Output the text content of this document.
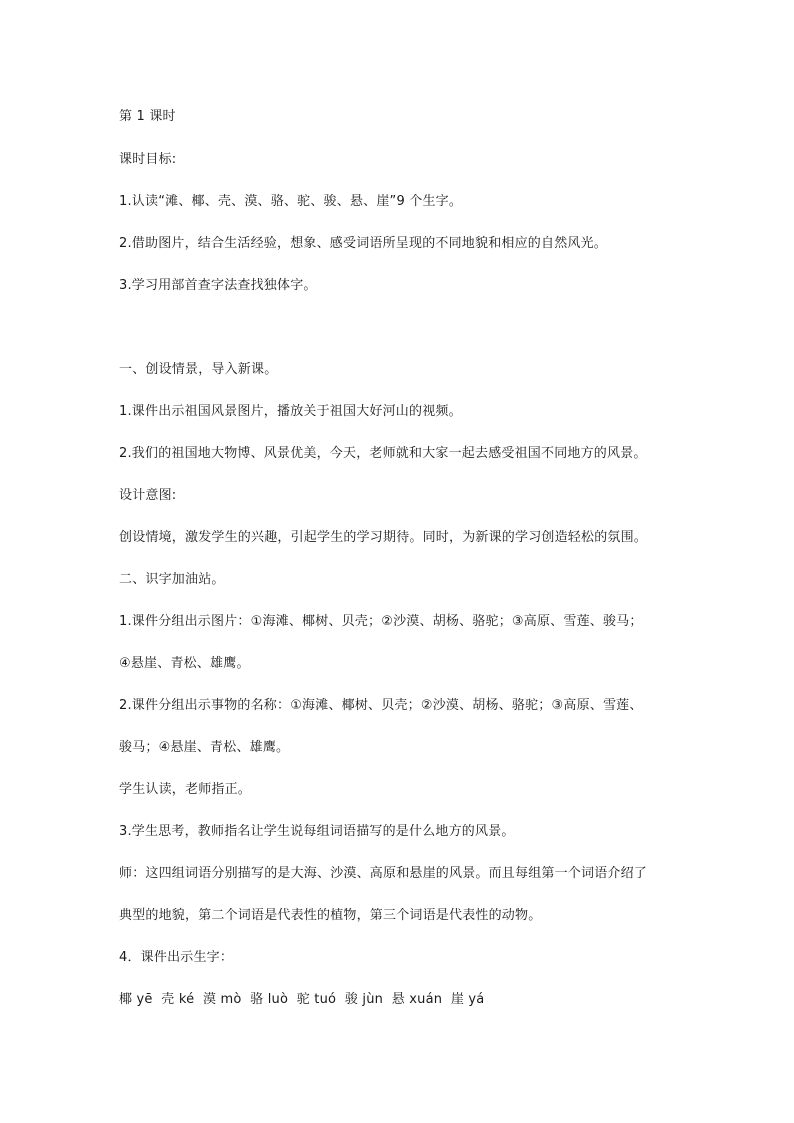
第 1 课时
课时目标:
1.认读“滩、椰、壳、漠、骆、驼、骏、悬、崖”9 个生字。
2.借助图片，结合生活经验，想象、感受词语所呈现的不同地貌和相应的自然风光。
3.学习用部首查字法查找独体字。
一、创设情景，导入新课。
1.课件出示祖国风景图片，播放关于祖国大好河山的视频。
2.我们的祖国地大物博、风景优美，今天，老师就和大家一起去感受祖国不同地方的风景。
设计意图:
创设情境，激发学生的兴趣，引起学生的学习期待。同时，为新课的学习创造轻松的氛围。
二、识字加油站。
1.课件分组出示图片：①海滩、椰树、贝壳；②沙漠、胡杨、骆驼；③高原、雪莲、骏马；
④悬崖、青松、雄鹰。
2.课件分组出示事物的名称：①海滩、椰树、贝壳；②沙漠、胡杨、骆驼；③高原、雪莲、
骏马；④悬崖、青松、雄鹰。
学生认读，老师指正。
3.学生思考，教师指名让学生说每组词语描写的是什么地方的风景。
师：这四组词语分别描写的是大海、沙漠、高原和悬崖的风景。而且每组第一个词语介绍了
典型的地貌，第二个词语是代表性的植物，第三个词语是代表性的动物。
4．课件出示生字：
椰 yē  壳 ké  漠 mò  骆 luò  驼 tuó  骏 jùn  悬 xuán  崖 yá
